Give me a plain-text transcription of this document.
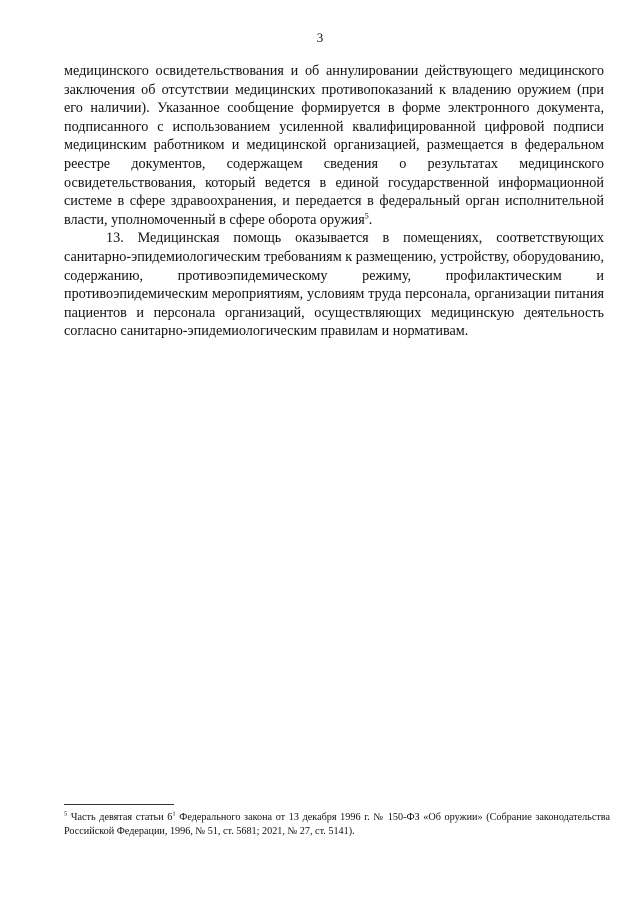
3

медицинского освидетельствования и об аннулировании действующего медицинского заключения об отсутствии медицинских противопоказаний к владению оружием (при его наличии). Указанное сообщение формируется в форме электронного документа, подписанного с использованием усиленной квалифицированной цифровой подписи медицинским работником и медицинской организацией, размещается в федеральном реестре документов, содержащем сведения о результатах медицинского освидетельствования, который ведется в единой государственной информационной системе в сфере здравоохранения, и передается в федеральный орган исполнительной власти, уполномоченный в сфере оборота оружия$^5$.

13. Медицинская помощь оказывается в помещениях, соответствующих санитарно-эпидемиологическим требованиям к размещению, устройству, оборудованию, содержанию, противоэпидемическому режиму, профилактическим и противоэпидемическим мероприятиям, условиям труда персонала, организации питания пациентов и персонала организаций, осуществляющих медицинскую деятельность согласно санитарно-эпидемиологическим правилам и нормативам.

$^5$ Часть девятая статьи $6^1$ Федерального закона от 13 декабря 1996 г. № 150-ФЗ «Об оружии» (Собрание законодательства Российской Федерации, 1996, № 51, ст. 5681; 2021, № 27, ст. 5141).
